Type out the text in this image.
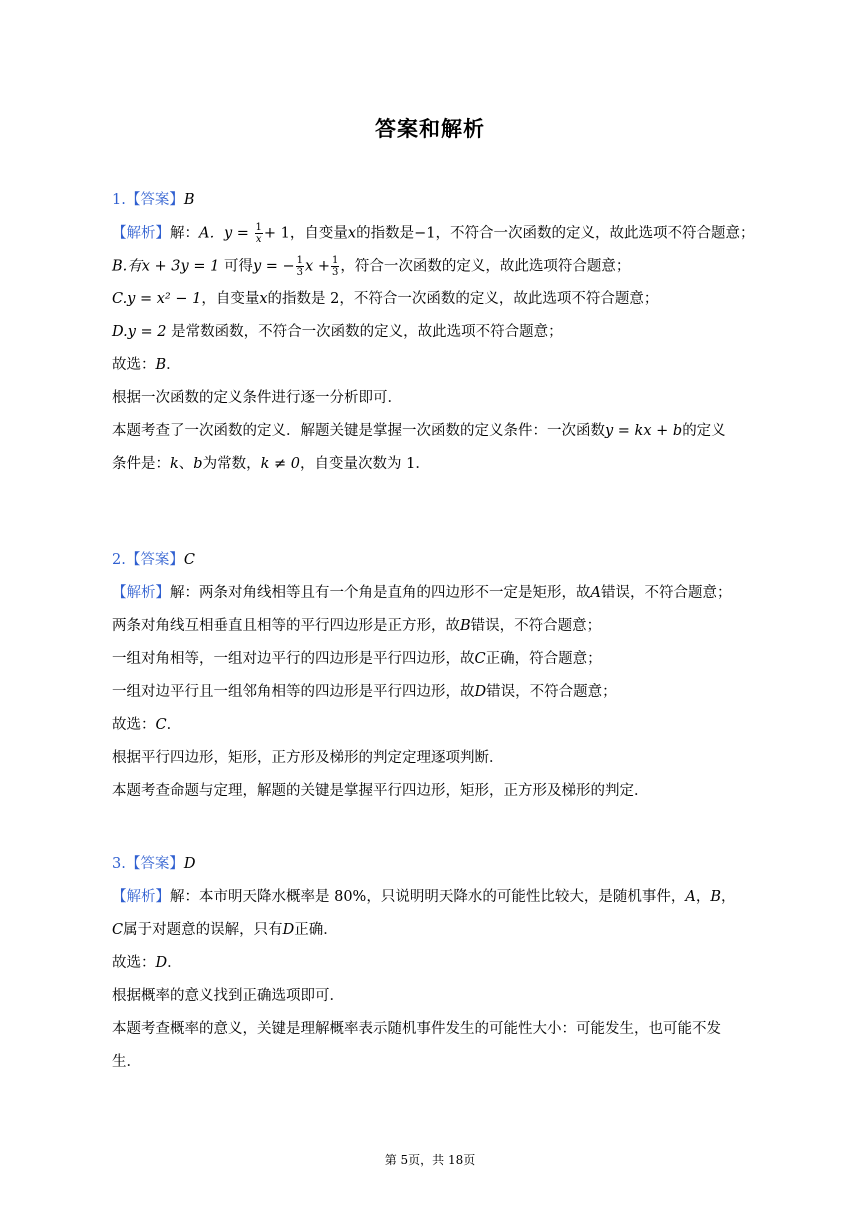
答案和解析
1.【答案】B
【解析】解：A．$y = \frac{1}{x} + 1$，自变量x的指数是−1，不符合一次函数的定义，故此选项不符合题意；
B.有x + 3y = 1 可得y = − $\frac{1}{3}$ $x + \frac{1}{3}$ ，符合一次函数的定义，故此选项符合题意；
C.y = x² − 1，自变量x的指数是 2，不符合一次函数的定义，故此选项不符合题意；
D.y = 2 是常数函数，不符合一次函数的定义，故此选项不符合题意；
故选：B．
根据一次函数的定义条件进行逐一分析即可．
本题考查了一次函数的定义．解题关键是掌握一次函数的定义条件：一次函数y = kx + b的定义
条件是：k、b为常数，k ≠ 0，自变量次数为 1．
2.【答案】C
【解析】解：两条对角线相等且有一个角是直角的四边形不一定是矩形，故A错误，不符合题意；
两条对角线互相垂直且相等的平行四边形是正方形，故B错误，不符合题意；
一组对角相等，一组对边平行的四边形是平行四边形，故C正确，符合题意；
一组对边平行且一组邻角相等的四边形是平行四边形，故D错误，不符合题意；
故选：C．
根据平行四边形，矩形，正方形及梯形的判定定理逐项判断．
本题考查命题与定理，解题的关键是掌握平行四边形，矩形，正方形及梯形的判定．
3.【答案】D
【解析】解：本市明天降水概率是 80%，只说明明天降水的可能性比较大，是随机事件，A，B，
C属于对题意的误解，只有D正确．
故选：D．
根据概率的意义找到正确选项即可．
本题考查概率的意义，关键是理解概率表示随机事件发生的可能性大小：可能发生，也可能不发
生．
第 5页，共 18页
